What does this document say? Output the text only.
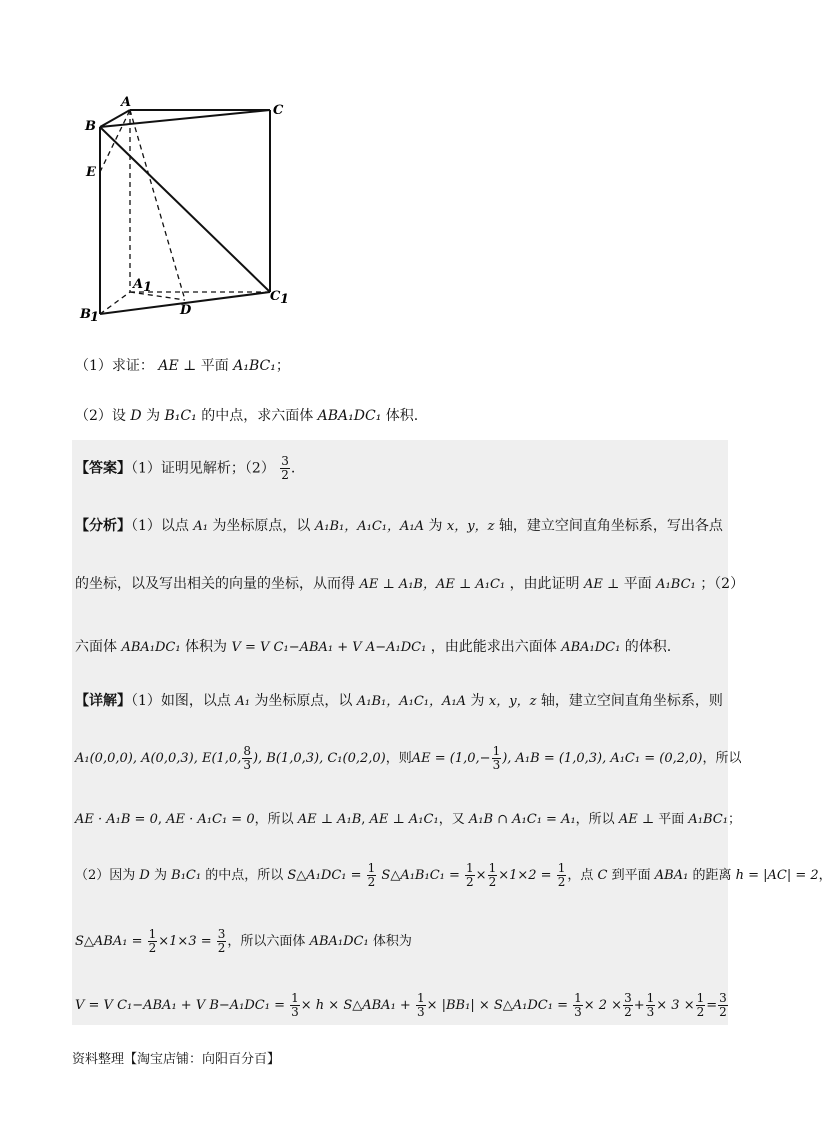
A
B
C
E
A 1
B 1
C 1
D
（1）求证： AE ⊥ 平面 A₁BC₁；
（2）设 D 为 B₁C₁ 的中点，求六面体 ABA₁DC₁ 体积.
【答案】（1）证明见解析；$(2) \frac{3}{2}$ .
【分析】（1）以点 A₁ 为坐标原点，以 A₁B₁，A₁C₁，A₁A 为 x，y，z 轴，建立空间直角坐标系，写出各点
的坐标，以及写出相关的向量的坐标，从而得 AE ⊥ A₁B，AE ⊥ A₁C₁ ，由此证明 AE ⊥ 平面 A₁BC₁ ；（2）
六面体 ABA₁DC₁ 体积为 V = V C₁−ABA₁ + V A−A₁DC₁ ，由此能求出六面体 ABA₁DC₁ 的体积.
【详解】（1）如图，以点 A₁ 为坐标原点，以 A₁B₁，A₁C₁，A₁A 为 x，y，z 轴，建立空间直角坐标系，则
A₁(0,0,0), A(0,0,3), E(1,0, $\frac{8}{3}$ ), B(1,0,3), C₁(0,2,0)，则AE = ($1,0,- \frac{1}{3}$ ), A₁B = (1,0,3), A₁C₁ = (0,2,0)，所以
AE · A₁B = 0, AE · A₁C₁ = 0，所以 AE ⊥ A₁B, AE ⊥ A₁C₁，又 A₁B ∩ A₁C₁ = A₁，所以 AE ⊥ 平面 A₁BC₁；
（2）因为 D 为 B₁C₁ 的中点，所以 S△A₁DC₁ = $\frac{1}{2}$ S△A₁B₁C₁ = $\frac{1}{2} \times \frac{1}{2} \times 1\times 2 = \frac{1}{2}$ ，点 C 到平面 ABA₁ 的距离 h = |AC| = 2，
S△ABA₁ = $\frac{1}{2} \times 1\times 3 = \frac{3}{2}$ ，所以六面体 ABA₁DC₁ 体积为
V = V C₁−ABA₁ + V $B-A_1DC_1 = \frac{1}{3} \times h$ × S△ABA₁ + $\frac{1}{3} \times |BB_1|$ × S△A₁DC₁ = $\frac{1}{3} \times 2 \times \frac{3}{2} + \frac{1}{3} \times 3 \times \frac{1}{2} = \frac{3}{2}$
资料整理【淘宝店铺：向阳百分百】
